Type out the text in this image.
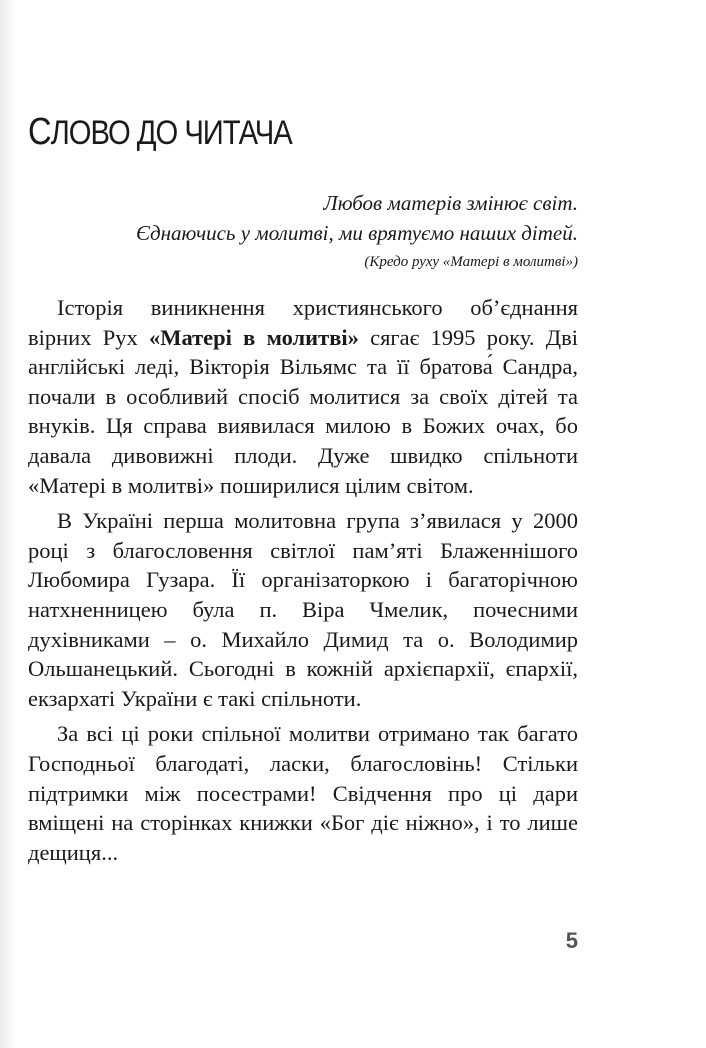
СЛОВО ДО ЧИТАЧА
Любов матерів змінює світ.
Єднаючись у молитві, ми врятуємо наших дітей.
(Кредо руху «Матері в молитві»)

Історія виникнення християнського об’єднання вірних Рух «Матері в молитві» сягає 1995 року. Дві англійські леді, Вікторія Вільямс та її братова́ Сандра, почали в особливий спосіб молитися за своїх дітей та внуків. Ця справа виявилася милою в Божих очах, бо давала дивовижні плоди. Дуже швидко спільноти «Матері в молитві» поширилися цілим світом.

В Україні перша молитовна група з’явилася у 2000 році з благословення світлої пам’яті Блаженнішого Любомира Гузара. Її організаторкою і багаторічною натхненницею була п. Віра Чмелик, почесними духівниками – о. Михайло Димид та о. Володимир Ольшанецький. Сьогодні в кожній архієпархії, єпархії, екзархаті України є такі спільноти.

За всі ці роки спільної молитви отримано так багато Господньої благодаті, ласки, благословінь! Стільки підтримки між посестрами! Свідчення про ці дари вміщені на сторінках книжки «Бог діє ніжно», і то лише дещиця...

5
